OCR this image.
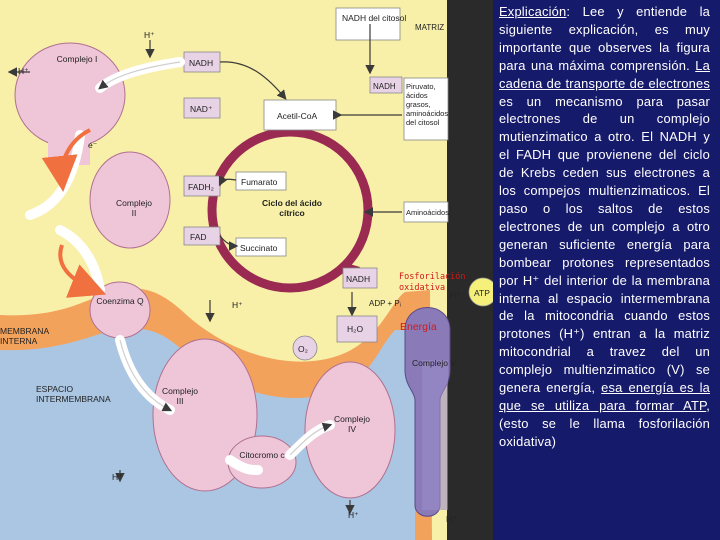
NADH del citosol
MATRIZ
NADH
NADH
NAD⁺
Acetil-CoA
Piruvato, ácidos grasos, aminoácidos del citosol
Fumarato
FADH₂
FAD
Succinato
Aminoácidos
NADH
H₂O
Ciclo del ácido cítrico
Complejo I
Complejo II
Coenzima Q
Complejo III
Citocromo c
Complejo IV
Complejo V
ATP
O₂
H⁺
H⁺
e⁻
H⁺
H⁺
H⁺
H⁺	H⁺
ADP + Pᵢ
MEMBRANA INTERNA
ESPACIO INTERMEMBRANA
Fosforilación oxidativa
Energía

Explicación: Lee y entiende la siguiente explicación, es muy importante que observes la figura para una máxima comprensión. La cadena de transporte de electrones es un mecanismo para pasar electrones de un complejo mutienzimatico a otro. El NADH y el FADH que provienene del ciclo de Krebs ceden sus electrones a los compejos multienzimaticos. El paso o los saltos de estos electrones de un complejo a otro generan suficiente energía para bombear protones representados por H⁺ del interior de la membrana interna al espacio intermembrana de la mitocondria cuando estos protones (H⁺) entran a la matriz mitocondrial a travez del un complejo multienzimatico (V) se genera energía, esa energía es la que se utiliza para formar ATP, (esto se le llama fosforilación oxidativa)
